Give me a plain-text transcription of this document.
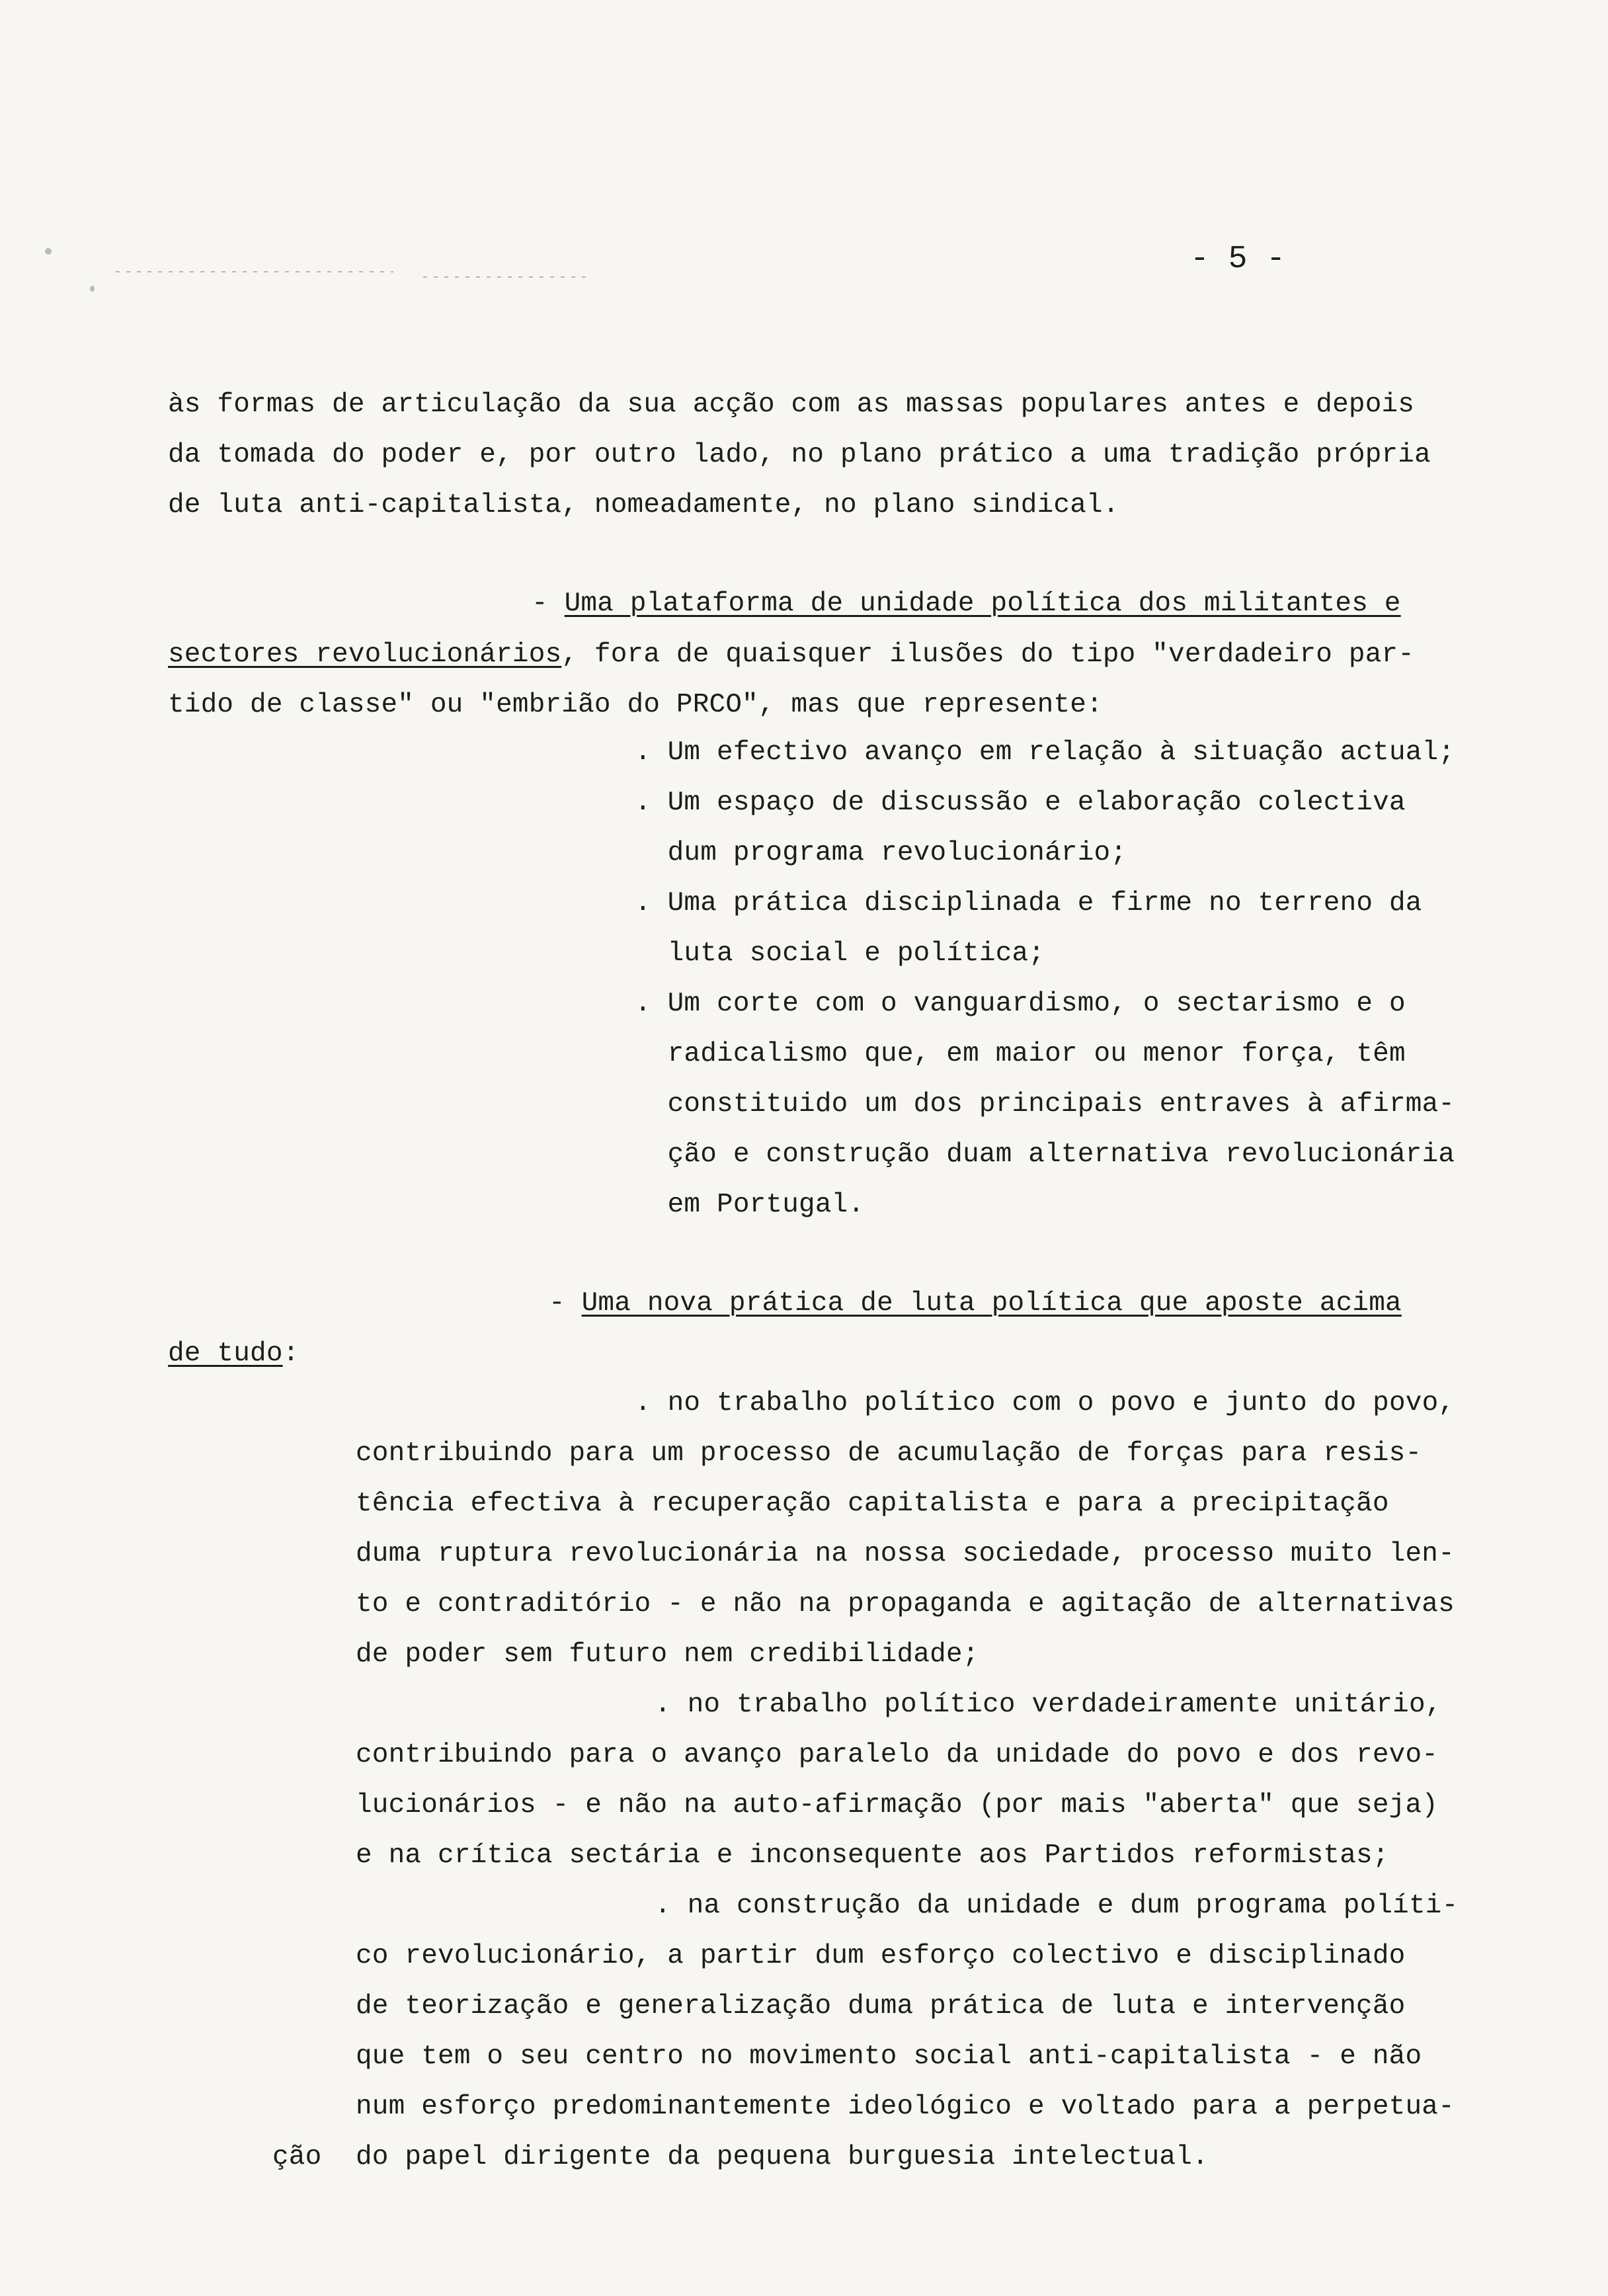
- 5 -
às formas de articulação da sua acção com as massas populares antes e depois
da tomada do poder e, por outro lado, no plano prático a uma tradição própria
de luta anti-capitalista, nomeadamente, no plano sindical.
- Uma plataforma de unidade política dos militantes e
sectores revolucionários, fora de quaisquer ilusões do tipo "verdadeiro par-
tido de classe" ou "embrião do PRCO", mas que represente:
. Um efectivo avanço em relação à situação actual;
. Um espaço de discussão e elaboração colectiva
dum programa revolucionário;
. Uma prática disciplinada e firme no terreno da
luta social e política;
. Um corte com o vanguardismo, o sectarismo e o
radicalismo que, em maior ou menor força, têm
constituido um dos principais entraves à afirma-
ção e construção duam alternativa revolucionária
em Portugal.
- Uma nova prática de luta política que aposte acima
de tudo:
. no trabalho político com o povo e junto do povo,
contribuindo para um processo de acumulação de forças para resis-
tência efectiva à recuperação capitalista e para a precipitação
duma ruptura revolucionária na nossa sociedade, processo muito len-
to e contraditório - e não na propaganda e agitação de alternativas
de poder sem futuro nem credibilidade;
. no trabalho político verdadeiramente unitário,
contribuindo para o avanço paralelo da unidade do povo e dos revo-
lucionários - e não na auto-afirmação (por mais "aberta" que seja)
e na crítica sectária e inconsequente aos Partidos reformistas;
. na construção da unidade e dum programa políti-
co revolucionário, a partir dum esforço colectivo e disciplinado
de teorização e generalização duma prática de luta e intervenção
que tem o seu centro no movimento social anti-capitalista - e não
num esforço predominantemente ideológico e voltado para a perpetua-
ção do papel dirigente da pequena burguesia intelectual.
